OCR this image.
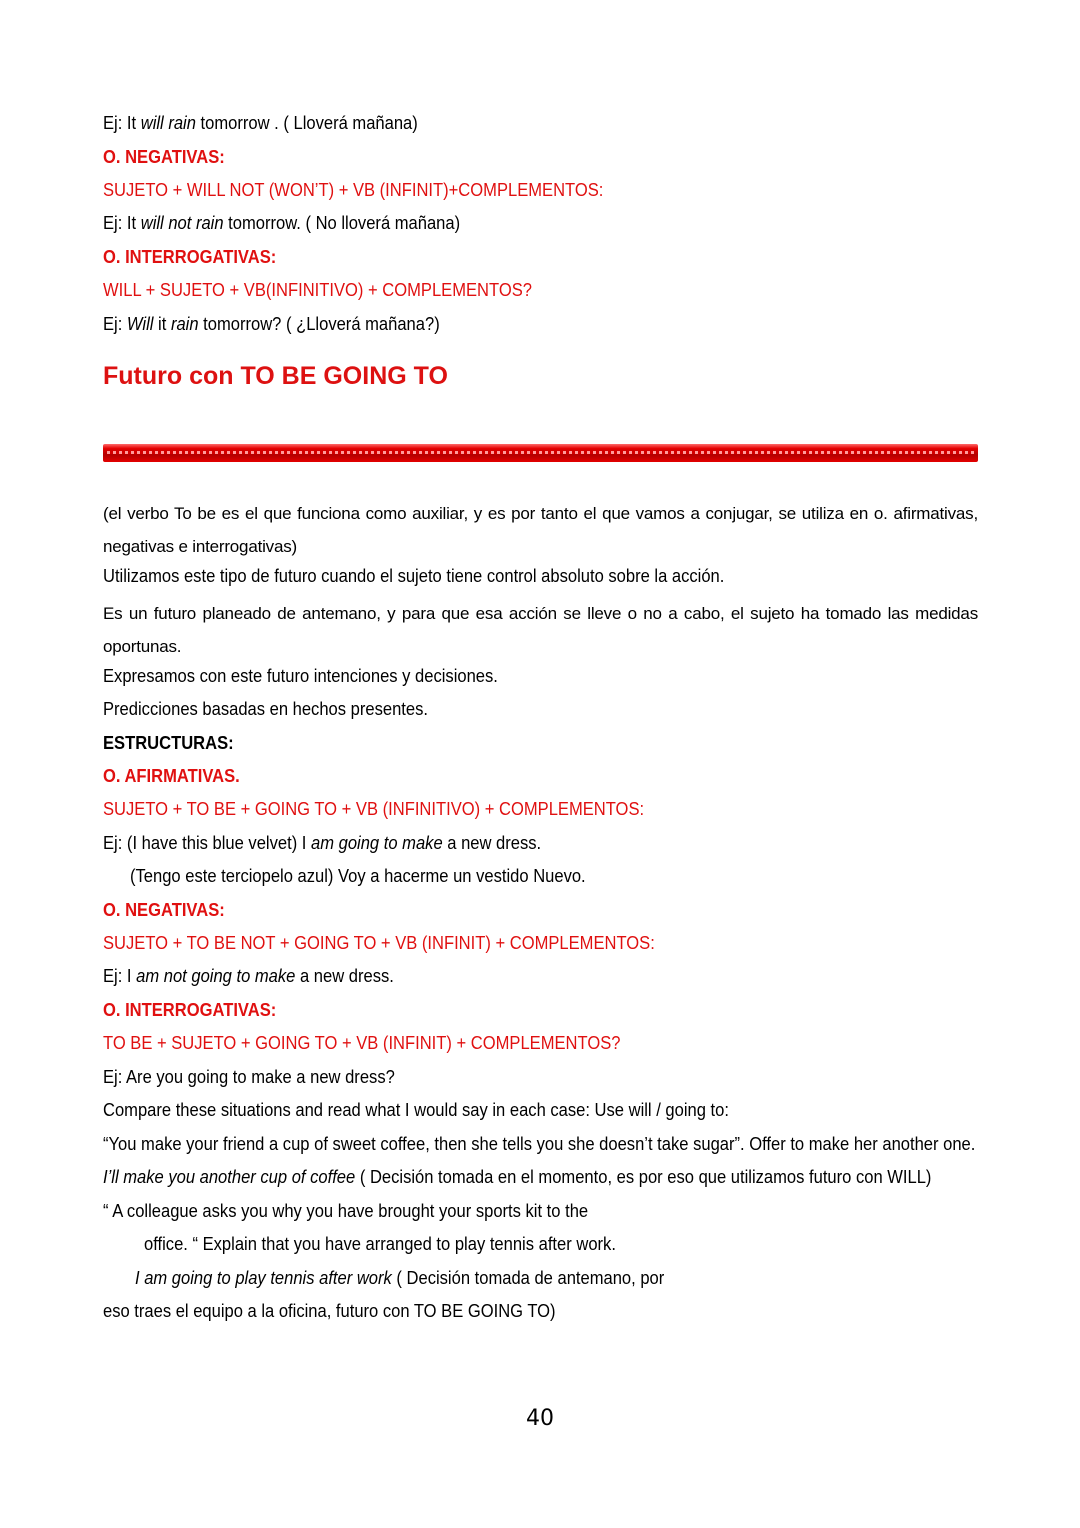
Ej: It will rain tomorrow . ( Lloverá mañana)
O. NEGATIVAS:
SUJETO + WILL NOT (WON’T) + VB (INFINIT)+COMPLEMENTOS:
Ej: It will not rain tomorrow. ( No lloverá mañana)
O. INTERROGATIVAS:
WILL + SUJETO + VB(INFINITIVO) + COMPLEMENTOS?
Ej: Will it rain tomorrow? ( ¿Lloverá mañana?)
Futuro con TO BE GOING TO
(el verbo To be es el que funciona como auxiliar, y es por tanto el que vamos a conjugar, se utiliza en o. afirmativas, negativas e interrogativas)
Utilizamos este tipo de futuro cuando el sujeto tiene control absoluto sobre la acción.
Es un futuro planeado de antemano, y para que esa acción se lleve o no a cabo, el sujeto ha tomado las medidas oportunas.
Expresamos con este futuro intenciones y decisiones.
Predicciones basadas en hechos presentes.
ESTRUCTURAS:
O. AFIRMATIVAS.
SUJETO + TO BE + GOING TO + VB (INFINITIVO) + COMPLEMENTOS:
Ej: (I have this blue velvet) I am going to make a new dress.
(Tengo este terciopelo azul) Voy a hacerme un vestido Nuevo.
O. NEGATIVAS:
SUJETO + TO BE NOT + GOING TO + VB (INFINIT) + COMPLEMENTOS:
Ej: I am not going to make a new dress.
O. INTERROGATIVAS:
TO BE + SUJETO + GOING TO + VB (INFINIT) + COMPLEMENTOS?
Ej: Are you going to make a new dress?
Compare these situations and read what I would say in each case: Use will / going to:
“You make your friend a cup of sweet coffee, then she tells you she doesn’t take sugar”. Offer to make her another one.
I’ll make you another cup of coffee ( Decisión tomada en el momento, es por eso que utilizamos futuro con WILL)
“ A colleague asks you why you have brought your sports kit to the
office. “ Explain that you have arranged to play tennis after work.
I am going to play tennis after work ( Decisión tomada de antemano, por
eso traes el equipo a la oficina, futuro con TO BE GOING TO)
40
